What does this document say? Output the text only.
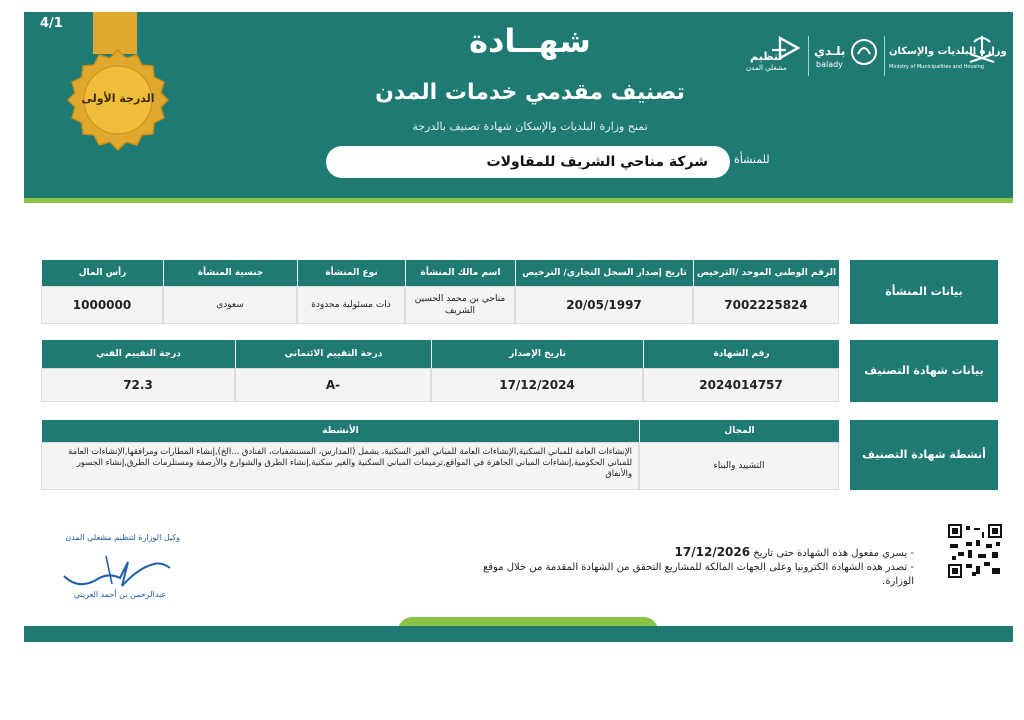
4/1
الدرجة الأولى
شهــادة
تصنيف مقدمي خدمات المدن
تمنح وزارة البلديات والإسكان شهادة تصنيف بالدرجة
للمنشأة
شركة مناحي الشريف للمقاولات
تنظيم
مشغلي المدن
بلـدي
balady
وزارة البلديات والإسكان
Ministry of Municipalities and Housing
بيانات المنشأة
الرقم الوطني الموحد /الترخيص
تاريخ إصدار السجل التجاري/ الترخيص
اسم مالك المنشأة
نوع المنشأة
جنسية المنشأة
رأس المال
7002225824
20/05/1997
مناحي بن محمد الحسين الشريف
ذات مسئولية محدودة
سعودي
1000000
بيانات شهادة التصنيف
رقم الشهادة
تاريخ الإصدار
درجة التقييم الائتماني
درجة التقييم الفني
2024014757
17/12/2024
-A
72.3
أنشطة شهادة التصنيف
المجال
الأنشطة
التشييد والبناء
الإنشاءات العامة للمباني السكنية,الإنشاءات العامة للمباني الغير السكنية، يشمل (المدارس، المستشفيات، الفنادق ...الخ),إنشاء المطارات ومرافقها,الإنشاءات العامة للمباني الحكومية,إنشاءات المباني الجاهزة في المواقع,ترميمات المباني السكنية والغير سكنية,إنشاء الطرق والشوارع والأرصفة ومستلزمات الطرق,إنشاء الجسور والأنفاق
- يسري مفعول هذه الشهادة حتى تاريخ 17/12/2026
- تصدر هذه الشهادة الكترونيا وعلى الجهات المالكة للمشاريع التحقق من الشهادة المقدمة من خلال موقع الوزارة.
وكيل الوزارة لتنظيم مشغلي المدن
عبدالرحمن بن أحمد العريني
